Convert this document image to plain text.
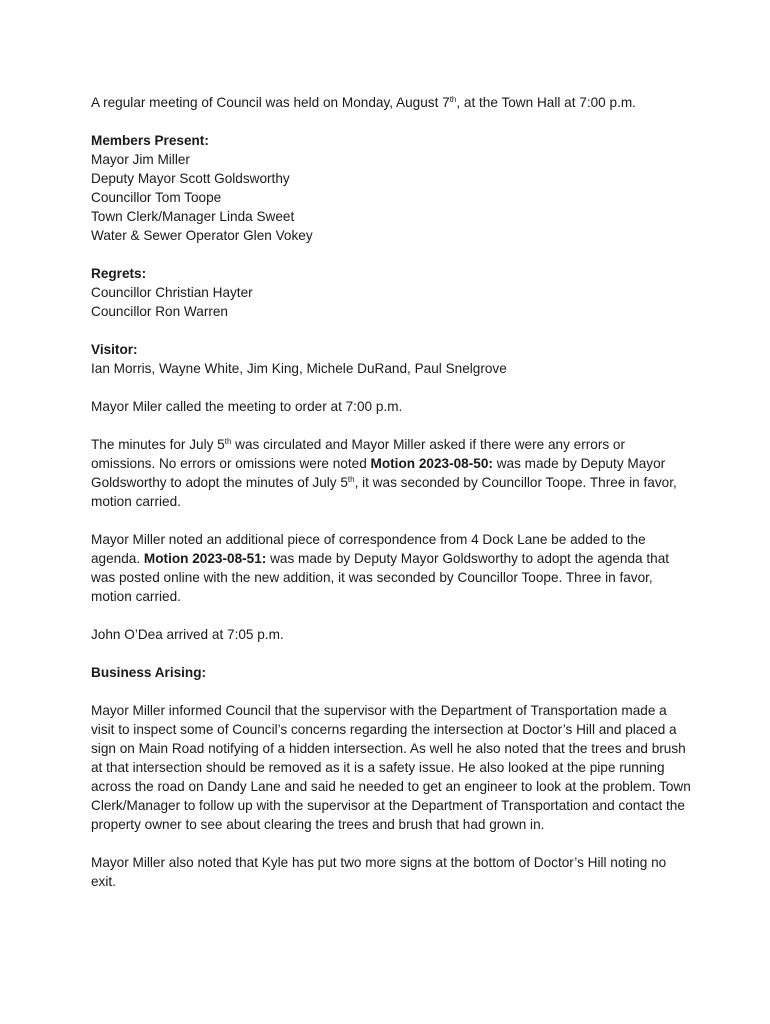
A regular meeting of Council was held on Monday, August 7th, at the Town Hall at 7:00 p.m.

Members Present:
Mayor Jim Miller
Deputy Mayor Scott Goldsworthy
Councillor Tom Toope
Town Clerk/Manager Linda Sweet
Water & Sewer Operator Glen Vokey
Regrets:
Councillor Christian Hayter
Councillor Ron Warren
Visitor:
Ian Morris, Wayne White, Jim King, Michele DuRand, Paul Snelgrove

Mayor Miler called the meeting to order at 7:00 p.m.

The minutes for July 5th was circulated and Mayor Miller asked if there were any errors or omissions. No errors or omissions were noted Motion 2023-08-50: was made by Deputy Mayor Goldsworthy to adopt the minutes of July 5th, it was seconded by Councillor Toope. Three in favor, motion carried.

Mayor Miller noted an additional piece of correspondence from 4 Dock Lane be added to the agenda. Motion 2023-08-51: was made by Deputy Mayor Goldsworthy to adopt the agenda that was posted online with the new addition, it was seconded by Councillor Toope. Three in favor, motion carried.

John O’Dea arrived at 7:05 p.m.

Business Arising:

Mayor Miller informed Council that the supervisor with the Department of Transportation made a visit to inspect some of Council’s concerns regarding the intersection at Doctor’s Hill and placed a sign on Main Road notifying of a hidden intersection. As well he also noted that the trees and brush at that intersection should be removed as it is a safety issue. He also looked at the pipe running across the road on Dandy Lane and said he needed to get an engineer to look at the problem. Town Clerk/Manager to follow up with the supervisor at the Department of Transportation and contact the property owner to see about clearing the trees and brush that had grown in.

Mayor Miller also noted that Kyle has put two more signs at the bottom of Doctor’s Hill noting no exit.
